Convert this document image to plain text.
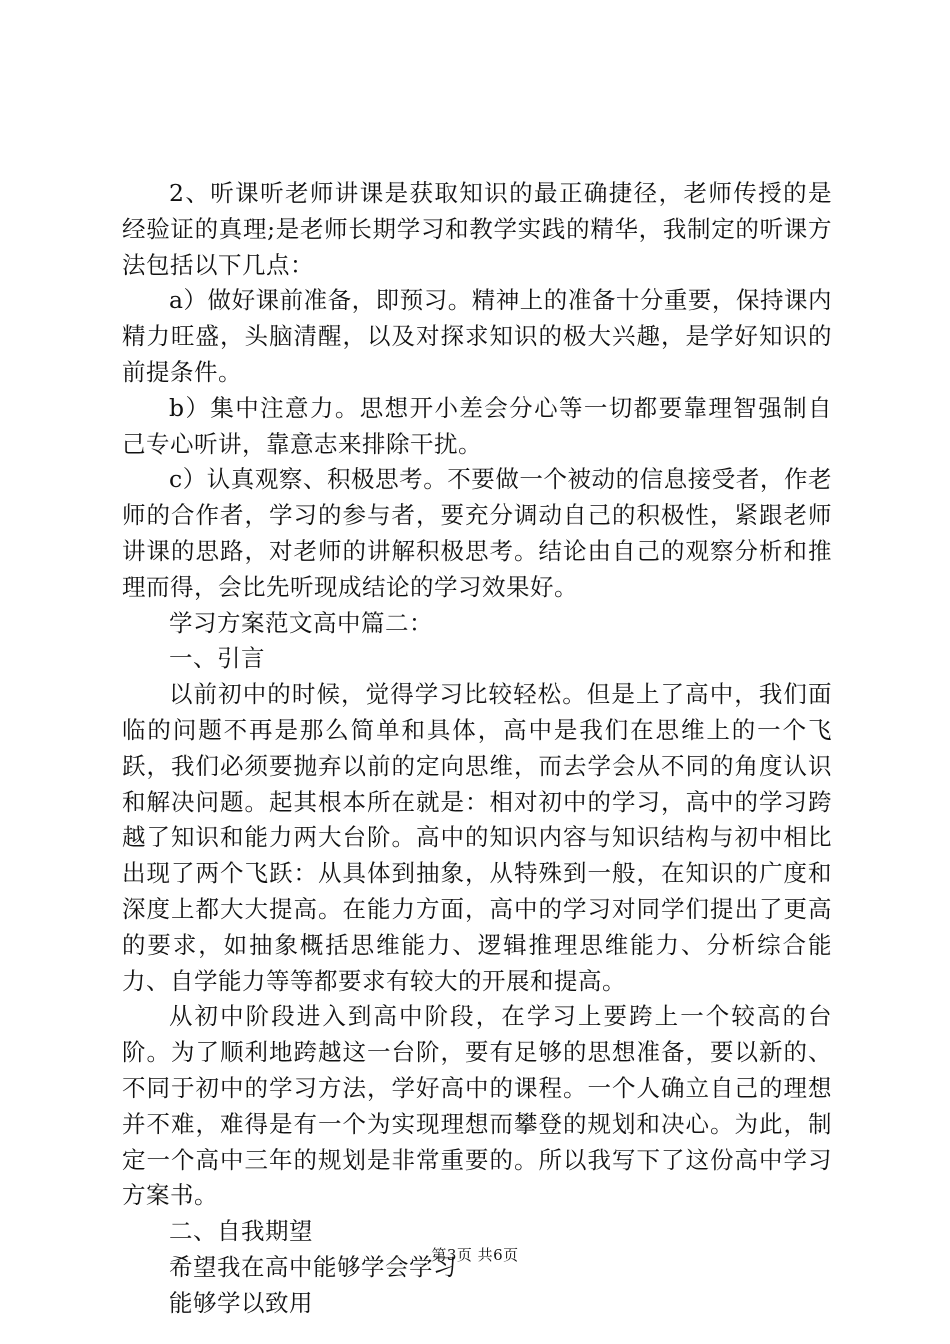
2、听课听老师讲课是获取知识的最正确捷径，老师传授的是经验证的真理;是老师长期学习和教学实践的精华，我制定的听课方法包括以下几点：

a）做好课前准备，即预习。精神上的准备十分重要，保持课内精力旺盛，头脑清醒，以及对探求知识的极大兴趣，是学好知识的前提条件。

b）集中注意力。思想开小差会分心等一切都要靠理智强制自己专心听讲，靠意志来排除干扰。

c）认真观察、积极思考。不要做一个被动的信息接受者，作老师的合作者，学习的参与者，要充分调动自己的积极性，紧跟老师讲课的思路，对老师的讲解积极思考。结论由自己的观察分析和推理而得，会比先听现成结论的学习效果好。

学习方案范文高中篇二：

一、引言

以前初中的时候，觉得学习比较轻松。但是上了高中，我们面临的问题不再是那么简单和具体，高中是我们在思维上的一个飞跃，我们必须要抛弃以前的定向思维，而去学会从不同的角度认识和解决问题。起其根本所在就是：相对初中的学习，高中的学习跨越了知识和能力两大台阶。高中的知识内容与知识结构与初中相比出现了两个飞跃：从具体到抽象，从特殊到一般，在知识的广度和深度上都大大提高。在能力方面，高中的学习对同学们提出了更高的要求，如抽象概括思维能力、逻辑推理思维能力、分析综合能力、自学能力等等都要求有较大的开展和提高。

从初中阶段进入到高中阶段，在学习上要跨上一个较高的台阶。为了顺利地跨越这一台阶，要有足够的思想准备，要以新的、不同于初中的学习方法，学好高中的课程。一个人确立自己的理想并不难，难得是有一个为实现理想而攀登的规划和决心。为此，制定一个高中三年的规划是非常重要的。所以我写下了这份高中学习方案书。

二、自我期望

希望我在高中能够学会学习

能够学以致用

第3页 共6页
